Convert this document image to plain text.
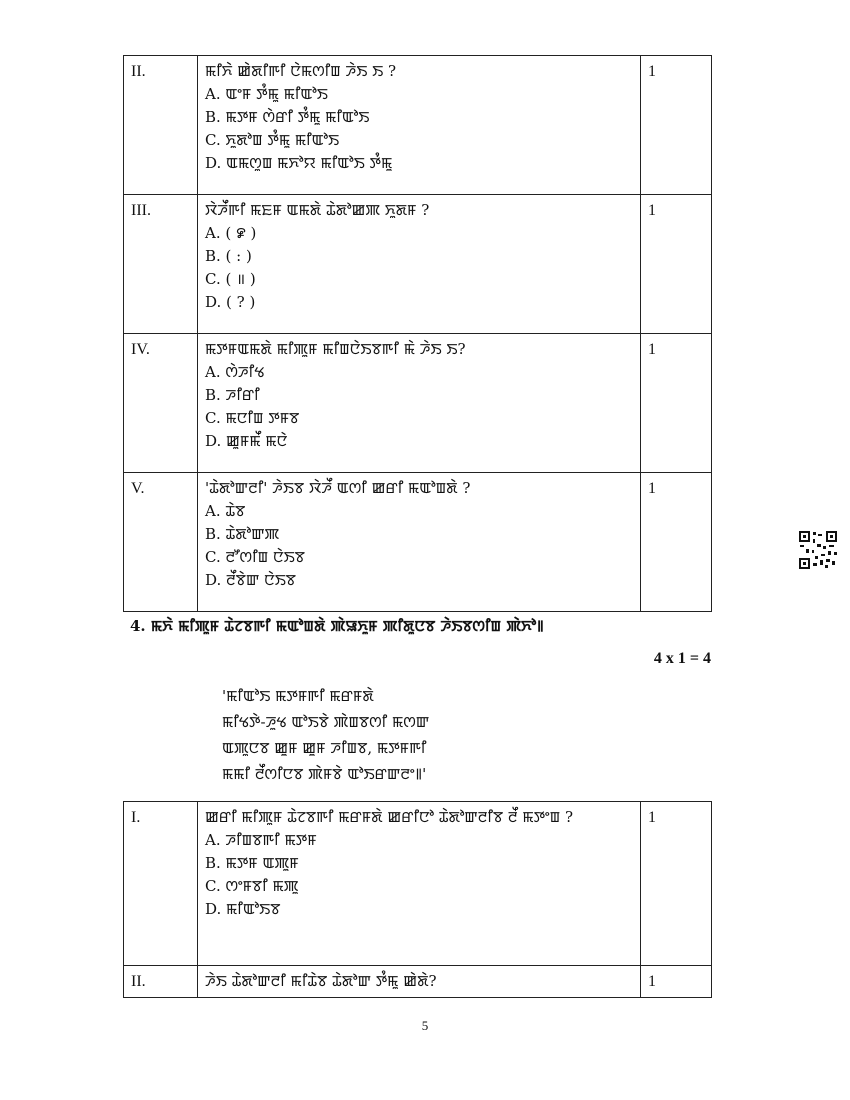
II.	ꯃꯤꯈꯥ ꯀꯥꯗꯤꯒꯤ ꯅꯥꯃꯁꯤꯡ ꯍꯥꯏ ꯏ ?
A. ꯑꯦꯝ ꯇꯪꯃꯨ ꯃꯤꯑꯣꯏ
B. ꯃꯇꯝ ꯁꯥꯔꯤ ꯇꯪꯃꯨ ꯃꯤꯑꯣꯏ
C. ꯈꯨꯗꯣꯡ ꯇꯪꯃꯨ ꯃꯤꯑꯣꯏ
D. ꯑꯃꯁꯨꯡ ꯃꯈꯣꯌ ꯃꯤꯑꯣꯏ ꯇꯪꯃꯨ	1
III.	ꯋꯥꯍꯩꯒꯤ ꯃꯐꯝ ꯑꯃꯗꯥ ꯊꯥꯗꯣꯀꯄ ꯈꯨꯗꯝ ?
A. ( ꯹ )
B. ( : )
C. ( ॥ )
D. ( ? )	1
IV.	ꯃꯇꯝꯑꯃꯗꯥ ꯃꯤꯄꯨꯝ ꯃꯤꯡꯅꯥꯏꯕꯒꯤ ꯃꯥ ꯍꯥꯏ ꯏ?
A. ꯁꯥꯍꯤꯠ
B. ꯍꯤꯔꯤ
C. ꯃꯅꯤꯡ ꯇꯝꯕ
D. ꯀꯨꯝꯃꯩ ꯃꯅꯥ	1
V.	'ꯊꯥꯗꯣꯛꯂꯤ' ꯍꯥꯏꯕ ꯋꯥꯍꯩ ꯑꯁꯤ ꯀꯔꯤ ꯃꯑꯣꯡꯗꯥ ?
A. ꯊꯥꯕ
B. ꯊꯥꯗꯣꯛꯄ
C. ꯂꯧꯁꯤꯡ ꯅꯥꯏꯕ
D. ꯂꯩꯕꯥꯛ ꯅꯥꯏꯕ	1
4. ꯃꯈꯥ ꯃꯤꯄꯨꯝ ꯊꯥꯖꯕꯒꯤ ꯃꯑꯣꯡꯗꯥ ꯄꯥꯎꯈꯨꯝ ꯄꯤꯗꯨꯅꯕ ꯍꯥꯏꯕꯁꯤꯡ ꯄꯥꯈꯣ꯫
4 x 1 = 4
'ꯃꯤꯑꯣꯏ ꯃꯇꯝꯒꯤ ꯃꯔꯝꯗꯥ
ꯃꯤꯠꯇꯥ-ꯍꯨꯠ ꯑꯣꯏꯕꯥ ꯄꯥꯡꯕꯁꯤ ꯃꯁꯛ
ꯑꯄꯨꯅꯕ ꯀꯨꯝ ꯀꯨꯝ ꯍꯤꯡꯕ, ꯃꯇꯝꯒꯤ
ꯃꯃꯤ ꯂꯩꯁꯤꯅꯕ ꯄꯥꯝꯕꯥ ꯑꯣꯏꯔꯛꯂꯦ꯫'
I.	ꯀꯔꯤ ꯃꯤꯄꯨꯝ ꯊꯥꯖꯕꯒꯤ ꯃꯔꯝꯗꯥ ꯀꯔꯤꯅꯣ ꯊꯥꯗꯣꯛꯂꯤꯕ ꯂꯩ ꯃꯇꯦꯡ ?
A. ꯍꯤꯡꯕꯒꯤ ꯃꯇꯝ
B. ꯃꯇꯝ ꯑꯄꯨꯝ
C. ꯁꯦꯝꯕꯤ ꯃꯄꯨ
D. ꯃꯤꯑꯣꯏꯕ	1
II.	ꯍꯥꯏ ꯊꯥꯗꯣꯛꯂꯤ ꯃꯤꯊꯥꯕ ꯊꯥꯗꯣꯛ ꯇꯪꯃꯨ ꯀꯥꯗꯥ?	1
5
